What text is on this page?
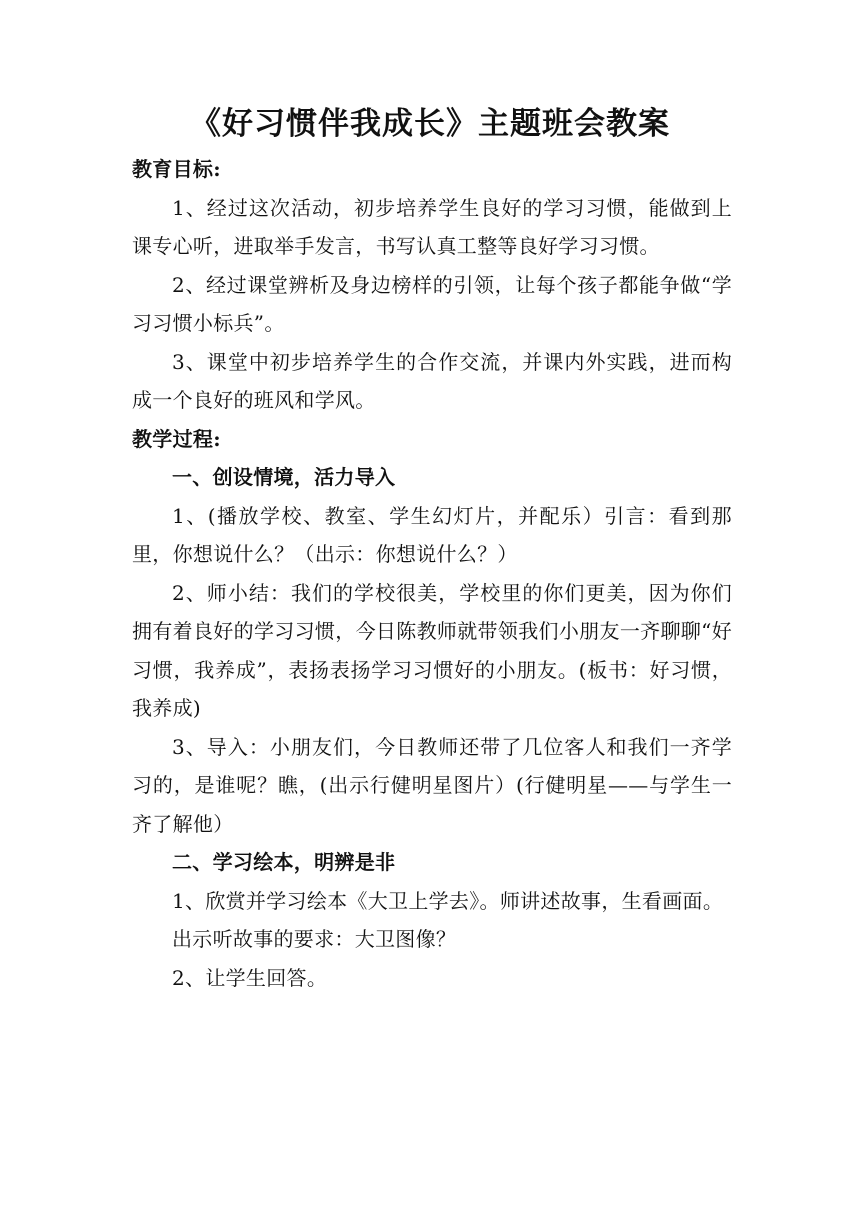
《好习惯伴我成长》主题班会教案

教育目标:

1、经过这次活动，初步培养学生良好的学习习惯，能做到上课专心听，进取举手发言，书写认真工整等良好学习习惯。

2、经过课堂辨析及身边榜样的引领，让每个孩子都能争做“学习习惯小标兵”。

3、课堂中初步培养学生的合作交流，并课内外实践，进而构成一个良好的班风和学风。

教学过程:

一、创设情境，活力导入

1、(播放学校、教室、学生幻灯片，并配乐）引言：看到那里，你想说什么？（出示：你想说什么？）

2、师小结：我们的学校很美，学校里的你们更美，因为你们拥有着良好的学习习惯，今日陈教师就带领我们小朋友一齐聊聊“好习惯，我养成”，表扬表扬学习习惯好的小朋友。(板书：好习惯，我养成)

3、导入：小朋友们，今日教师还带了几位客人和我们一齐学习的，是谁呢？瞧，(出示行健明星图片）(行健明星——与学生一齐了解他）

二、学习绘本，明辨是非

1、欣赏并学习绘本《大卫上学去》。师讲述故事，生看画面。

出示听故事的要求：大卫图像？

2、让学生回答。
